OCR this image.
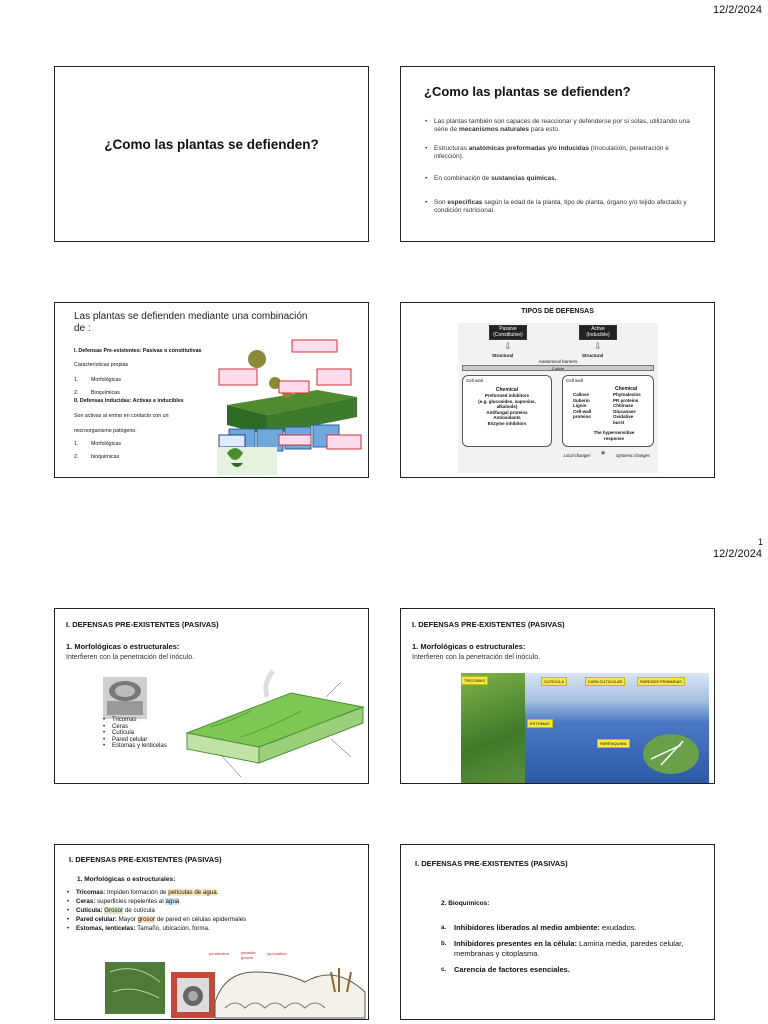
12/2/2024
1
12/2/2024
¿Como las plantas se defienden?
¿Como las plantas se defienden?
• Las plantas también son capaces de reaccionar y defenderse por sí solas, utilizando una serie de mecanismos naturales para esto.
• Estructuras anatómicas preformadas y/o inducidas (Inoculación, penetración e infección).
• En combinación de sustancias químicas.
• Son especificas según la edad de la planta, tipo de planta, órgano y/o tejido afectado y condición nutricional.
Las plantas se defienden mediante una combinación de :
I. Defensas Pre-existentes: Pasivas o constitutivas
Características propias
1. Morfológicas
2. Bioquímicas
II. Defensas Inducidas: Activas e inducibles
Son activas al entrar en contacto con un
microorganismo patógeno.
1. Morfológicas
2. bioquímicas
TIPOS DE DEFENSAS
Passive (Constitutive)
Active (Inducible)
⇩	⇩
Structural	Structural
Anatomical barriers
Cuticle
Cell wall
Chemical
Preformed inhibitors
(e.g. glucosides, saponins,
alkaloids)
Antifungal proteins
Antioxidants
Enzyme inhibitors
Cell wall
Callose
Suberin
Lignin
Cell-wall
proteins
Chemical
Phytoalexins
PR proteins
Chitinase
Glucanase
Oxidative
burst
The hypersensitive response
Local changes ★ Systemic changes
I. DEFENSAS PRE-EXISTENTES (PASIVAS)
1. Morfológicas o estructurales:
Interfieren con la penetración del inóculo.
• Tricomas
• Ceras
• Cutícula
• Pared celular
• Estomas y lenticelas
I. DEFENSAS PRE-EXISTENTES (PASIVAS)
1. Morfológicas o estructurales:
Interfieren con la penetración del inóculo.
TRICOMAS	CUTÍCULA	CAPA CUTICULAR	PAREDES PRIMARIAS
ESTOMAS
PARÉNQUIMA
I. DEFENSAS PRE-EXISTENTES (PASIVAS)
1. Morfológicas o estructurales:
• Tricomas: Impiden formación de películas de agua.
• Ceras: superficies repelentes al agua
• Cutícula: Grosor de cutícula
• Pared celular: Mayor grosor de pared en células epidermales
• Estomas, lenticelas: Tamaño, ubicación, forma.
penetration	parasitic growth
sporulation
I. DEFENSAS PRE-EXISTENTES (PASIVAS)
2. Bioquímicos:
a. Inhibidores liberados al medio ambiente: exudados.
b. Inhibidores presentes en la célula: Lamina media, paredes celular, membranas y citoplasma.
c. Carencia de factores esenciales.
